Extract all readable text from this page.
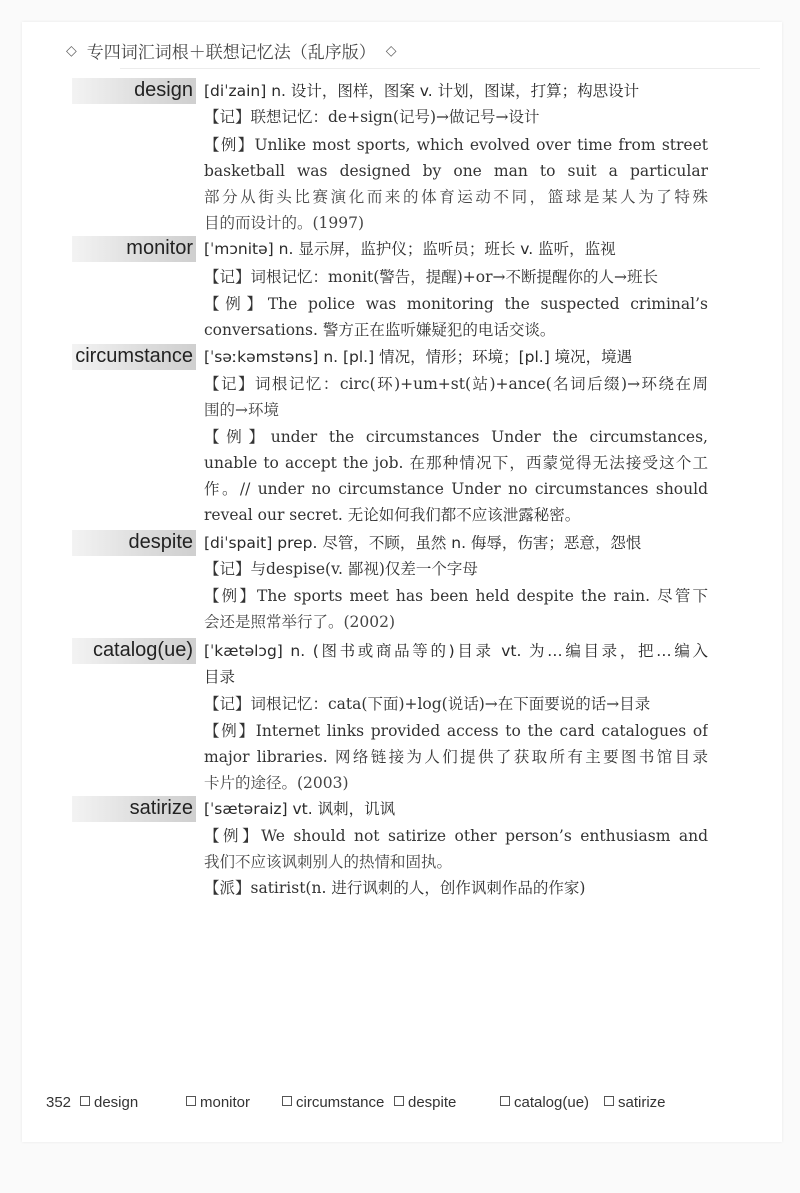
◇ 专四词汇词根＋联想记忆法（乱序版） ◇
design [diˈzain] n. 设计，图样，图案 v. 计划，图谋，打算；构思设计
【记】联想记忆：de+sign(记号)→做记号→设计
【例】Unlike most sports, which evolved over time from street
basketball was designed by one man to suit a particular
部分从街头比赛演化而来的体育运动不同，篮球是某人为了特殊
目的而设计的。(1997)
monitor [ˈmɔnitə] n. 显示屏，监护仪；监听员；班长 v. 监听，监视
【记】词根记忆：monit(警告，提醒)+or→不断提醒你的人→班长
【例】The police was monitoring the suspected criminal’s
conversations. 警方正在监听嫌疑犯的电话交谈。
circumstance [ˈsəːkəmstəns] n. [pl.] 情况，情形；环境；[pl.] 境况，境遇
【记】词根记忆：circ(环)+um+st(站)+ance(名词后缀)→环绕在周
围的→环境
【例】under the circumstances Under the circumstances,
unable to accept the job. 在那种情况下，西蒙觉得无法接受这个工
作。// under no circumstance Under no circumstances should
reveal our secret. 无论如何我们都不应该泄露秘密。
despite [diˈspait] prep. 尽管，不顾，虽然 n. 侮辱，伤害；恶意，怨恨
【记】与despise(v. 鄙视)仅差一个字母
【例】The sports meet has been held despite the rain. 尽管下
会还是照常举行了。(2002)
catalog(ue) [ˈkætəlɔg] n. (图书或商品等的)目录 vt. 为…编目录，把…编入
目录
【记】词根记忆：cata(下面)+log(说话)→在下面要说的话→目录
【例】Internet links provided access to the card catalogues of
major libraries. 网络链接为人们提供了获取所有主要图书馆目录
卡片的途径。(2003)
satirize [ˈsætəraiz] vt. 讽刺，讥讽
【例】We should not satirize other person’s enthusiasm and
我们不应该讽刺别人的热情和固执。
【派】satirist(n. 进行讽刺的人，创作讽刺作品的作家)
352	design	monitor	circumstance	despite	catalog(ue)	satirize
